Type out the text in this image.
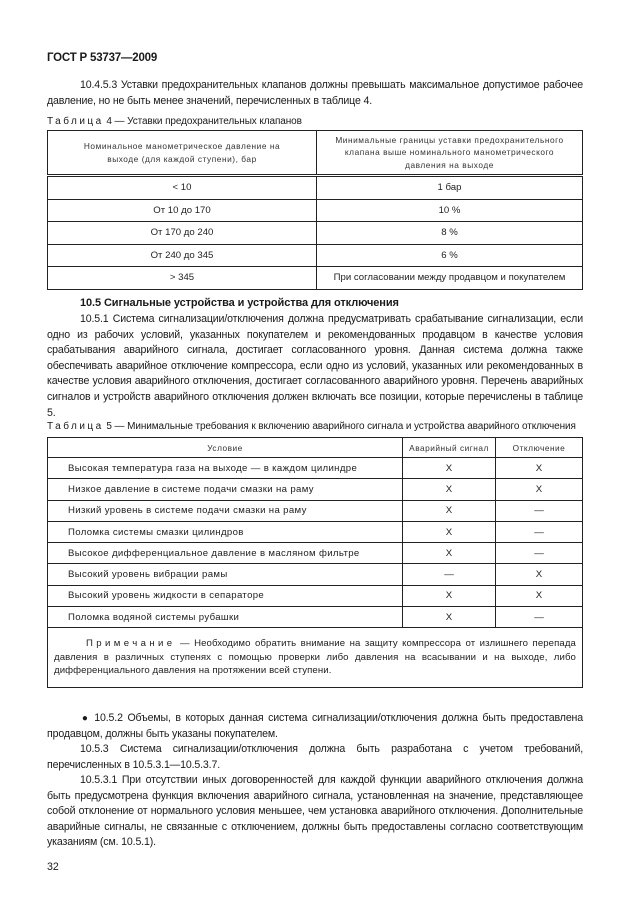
ГОСТ Р 53737—2009
10.4.5.3 Уставки предохранительных клапанов должны превышать максимальное допустимое рабочее давление, но не быть менее значений, перечисленных в таблице 4.
Таблица 4 — Уставки предохранительных клапанов
Номинальное манометрическое давление на выходе (для каждой ступени), бар	Минимальные границы уставки предохранительного клапана выше номинального манометрического давления на выходе

< 10	1 бар
От 10 до 170	10 %
От 170 до 240	8 %
От 240 до 345	6 %
> 345	При согласовании между продавцом и покупателем
10.5 Сигнальные устройства и устройства для отключения
10.5.1 Система сигнализации/отключения должна предусматривать срабатывание сигнализации, если одно из рабочих условий, указанных покупателем и рекомендованных продавцом в качестве условия срабатывания аварийного сигнала, достигает согласованного уровня. Данная система должна также обеспечивать аварийное отключение компрессора, если одно из условий, указанных или рекомендованных в качестве условия аварийного отключения, достигает согласованного аварийного уровня. Перечень аварийных сигналов и устройств аварийного отключения должен включать все позиции, которые перечислены в таблице 5.
Таблица 5 — Минимальные требования к включению аварийного сигнала и устройства аварийного отключения
Условие	Аварийный сигнал	Отключение
Высокая температура газа на выходе — в каждом цилиндре	X	X
Низкое давление в системе подачи смазки на раму	X	X
Низкий уровень в системе подачи смазки на раму	X	—
Поломка системы смазки цилиндров	X	—
Высокое дифференциальное давление в масляном фильтре	X	—
Высокий уровень вибрации рамы	—	X
Высокий уровень жидкости в сепараторе	X	X
Поломка водяной системы рубашки	X	—
Примечание — Необходимо обратить внимание на защиту компрессора от излишнего перепада давления в различных ступенях с помощью проверки либо давления на всасывании и на выходе, либо дифференциального давления на протяжении всей ступени.		
● 10.5.2 Объемы, в которых данная система сигнализации/отключения должна быть предоставлена продавцом, должны быть указаны покупателем.
10.5.3 Система сигнализации/отключения должна быть разработана с учетом требований, перечисленных в 10.5.3.1—10.5.3.7.
10.5.3.1 При отсутствии иных договоренностей для каждой функции аварийного отключения должна быть предусмотрена функция включения аварийного сигнала, установленная на значение, представляющее собой отклонение от нормального условия меньшее, чем установка аварийного отключения. Дополнительные аварийные сигналы, не связанные с отключением, должны быть предоставлены согласно соответствующим указаниям (см. 10.5.1).
32
